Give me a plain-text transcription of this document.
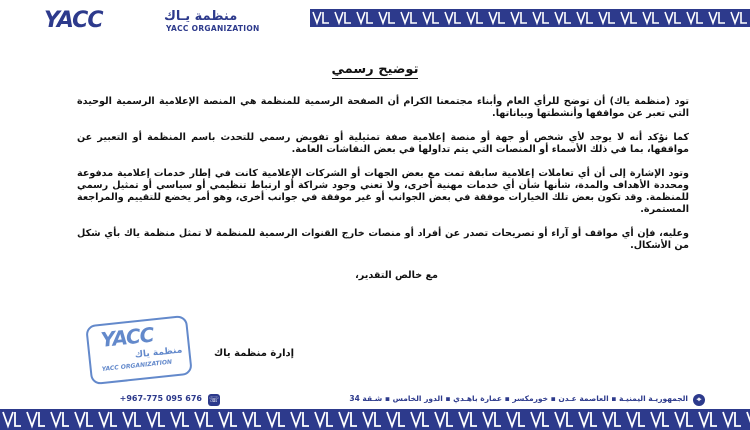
YACC	منظمة يـاك
YACC ORGANIZATION
توضيح رسمي

تود (منظمة ياك) أن توضح للرأي العام وأبناء مجتمعنا الكرام أن الصفحة الرسمية للمنظمة هي المنصة الإعلامية الرسمية الوحيدة التي تعبر عن مواقفها وأنشطتها وبياناتها.

كما نؤكد أنه لا يوجد لأي شخص أو جهة أو منصة إعلامية صفة تمثيلية أو تفويض رسمي للتحدث باسم المنظمة أو التعبير عن مواقفها، بما في ذلك الأسماء أو المنصات التي يتم تداولها في بعض النقاشات العامة.

وتود الإشارة إلى أن أي تعاملات إعلامية سابقة تمت مع بعض الجهات أو الشركات الإعلامية كانت في إطار خدمات إعلامية مدفوعة ومحددة الأهداف والمدة، شأنها شأن أي خدمات مهنية أخرى، ولا تعني وجود شراكة أو ارتباط تنظيمي أو سياسي أو تمثيل رسمي للمنظمة. وقد تكون بعض تلك الخيارات موفقة في بعض الجوانب أو غير موفقة في جوانب أخرى، وهو أمر يخضع للتقييم والمراجعة المستمرة.

وعليه، فإن أي مواقف أو آراء أو تصريحات تصدر عن أفراد أو منصات خارج القنوات الرسمية للمنظمة لا تمثل منظمة ياك بأي شكل من الأشكال.

مع خالص التقدير،
YACC
منظمة ياك
YACC ORGANIZATION
إدارة منظمة ياك
+967-775 095 676 ☏	الجمهوريـة اليمنيـة ▪ العاصمة عـدن ▪ خورمكسر ▪ عمارة باهـدي ▪ الدور الخامس ▪ شـقة 34	⌖
